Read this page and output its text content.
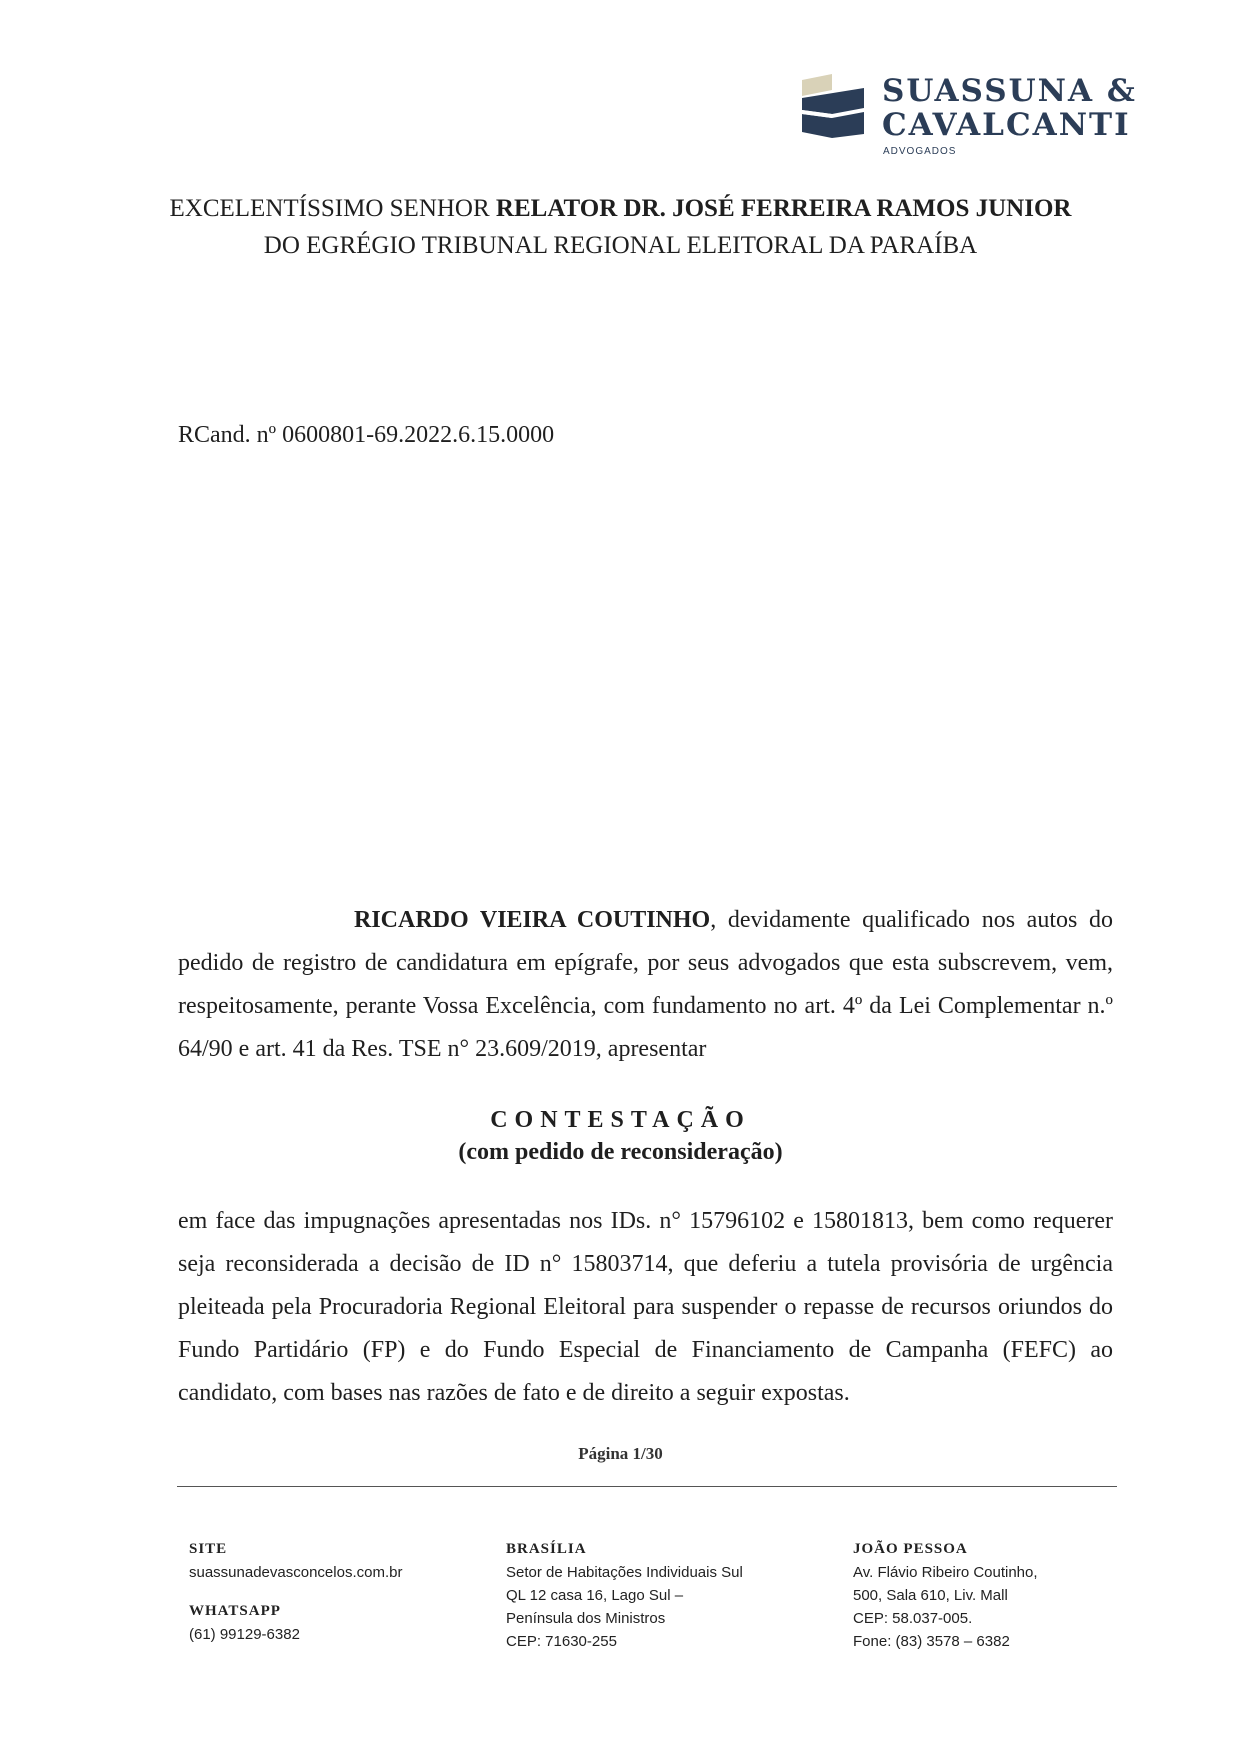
SUASSUNA &
CAVALCANTI
ADVOGADOS
EXCELENTÍSSIMO SENHOR RELATOR DR. JOSÉ FERREIRA RAMOS JUNIOR
DO EGRÉGIO TRIBUNAL REGIONAL ELEITORAL DA PARAÍBA
RCand. nº 0600801-69.2022.6.15.0000

RICARDO VIEIRA COUTINHO, devidamente qualificado nos autos do pedido de registro de candidatura em epígrafe, por seus advogados que esta subscrevem, vem, respeitosamente, perante Vossa Excelência, com fundamento no art. 4º da Lei Complementar n.º 64/90 e art. 41 da Res. TSE n° 23.609/2019, apresentar

CONTESTAÇÃO
(com pedido de reconsideração)

em face das impugnações apresentadas nos IDs. n° 15796102 e 15801813, bem como requerer seja reconsiderada a decisão de ID n° 15803714, que deferiu a tutela provisória de urgência pleiteada pela Procuradoria Regional Eleitoral para suspender o repasse de recursos oriundos do Fundo Partidário (FP) e do Fundo Especial de Financiamento de Campanha (FEFC) ao candidato, com bases nas razões de fato e de direito a seguir expostas.

Página 1/30
SITE
suassunadevasconcelos.com.br
WHATSAPP
(61) 99129-6382
BRASÍLIA
Setor de Habitações Individuais Sul
QL 12 casa 16, Lago Sul –
Península dos Ministros
CEP: 71630-255
JOÃO PESSOA
Av. Flávio Ribeiro Coutinho,
500, Sala 610, Liv. Mall
CEP: 58.037-005.
Fone: (83) 3578 – 6382
